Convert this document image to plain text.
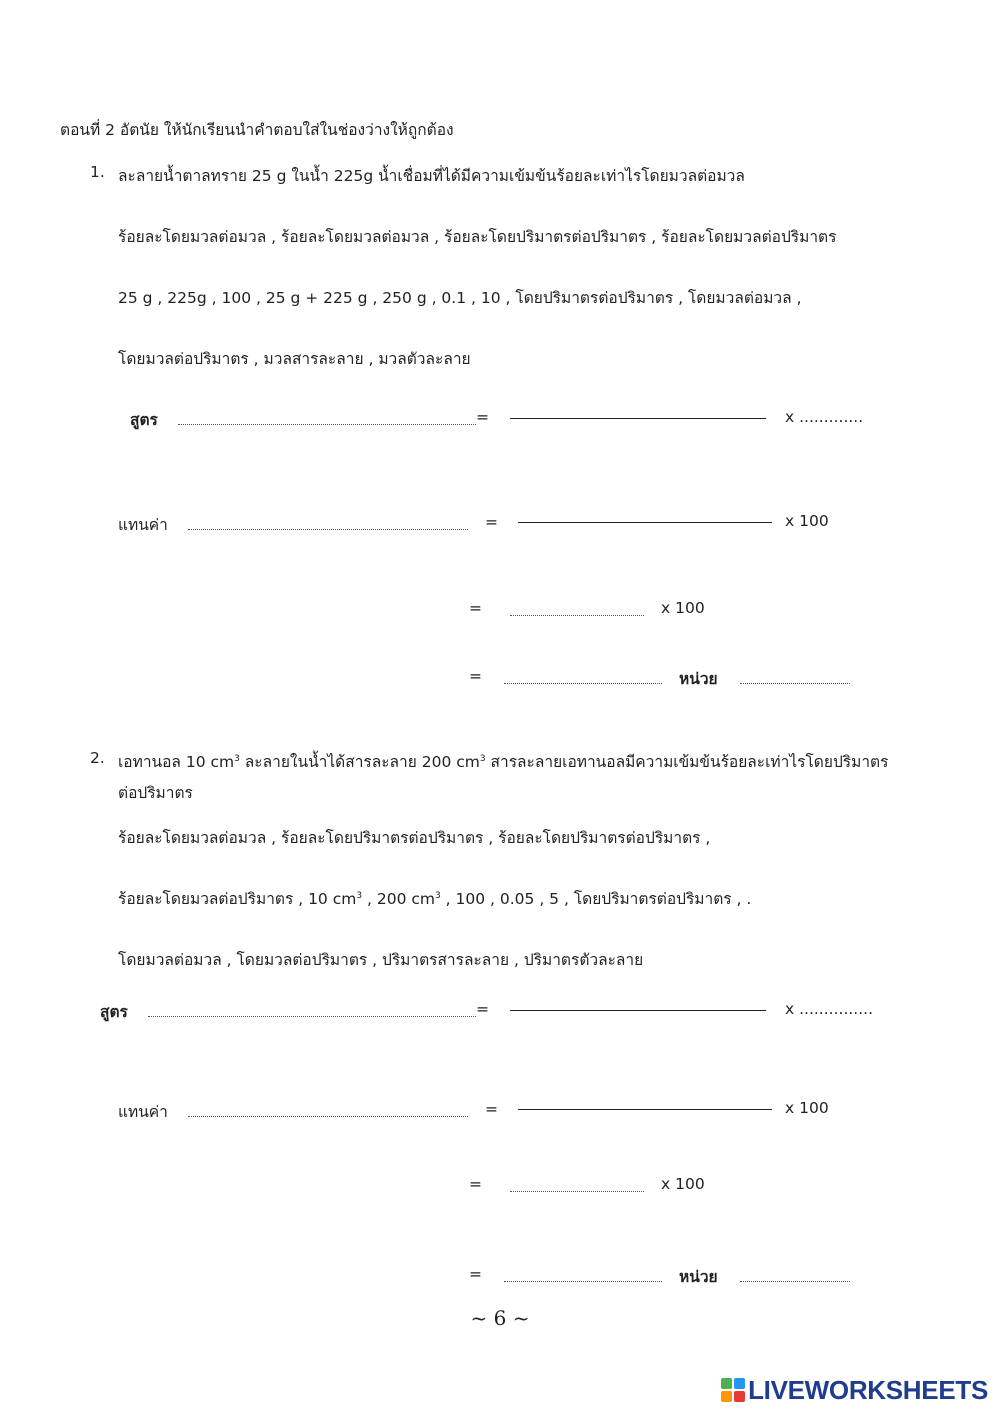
ตอนที่ 2 อัตนัย ให้นักเรียนนำคำตอบใส่ในช่องว่างให้ถูกต้อง
1. ละลายน้ำตาลทราย 25 g ในน้ำ 225g น้ำเชื่อมที่ได้มีความเข้มข้นร้อยละเท่าไรโดยมวลต่อมวล
ร้อยละโดยมวลต่อมวล , ร้อยละโดยมวลต่อมวล , ร้อยละโดยปริมาตรต่อปริมาตร , ร้อยละโดยมวลต่อปริมาตร
25 g , 225g , 100 , 25 g + 225 g , 250 g , 0.1 , 10 , โดยปริมาตรต่อปริมาตร , โดยมวลต่อมวล ,
โดยมวลต่อปริมาตร , มวลสารละลาย , มวลตัวละลาย
สูตร	=	x .............
แทนค่า	=	x 100
=	x 100
=	หน่วย
2. เอทานอล 10 $cm^3$ ละลายในน้ำได้สารละลาย 200 $cm^3$ สารละลายเอทานอลมีความเข้มข้นร้อยละเท่าไรโดยปริมาตร
ต่อปริมาตร
ร้อยละโดยมวลต่อมวล , ร้อยละโดยปริมาตรต่อปริมาตร , ร้อยละโดยปริมาตรต่อปริมาตร ,
ร้อยละโดยมวลต่อปริมาตร , 10 $cm^3$ , 200 $cm^3$ , 100 , 0.05 , 5 , โดยปริมาตรต่อปริมาตร , .
โดยมวลต่อมวล , โดยมวลต่อปริมาตร , ปริมาตรสารละลาย , ปริมาตรตัวละลาย
สูตร	=	x ...............
แทนค่า	=	x 100
=	x 100
=	หน่วย
~ 6 ~
LIVEWORKSHEETS
